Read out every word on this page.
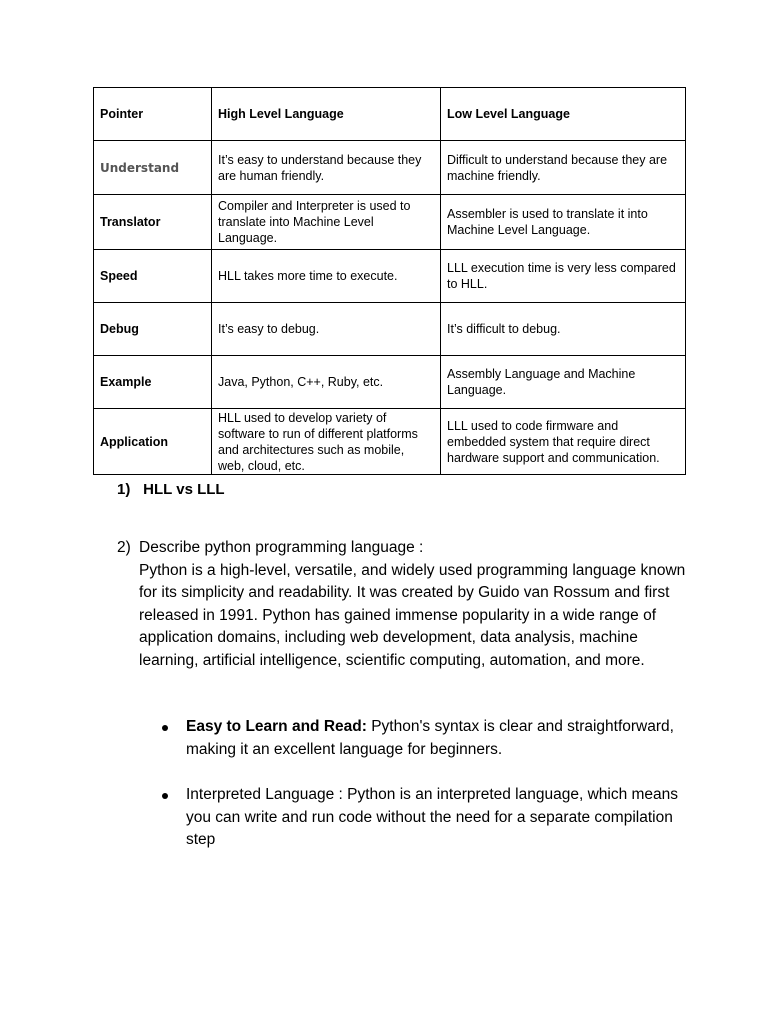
Pointer	High Level Language	Low Level Language
Understand	It’s easy to understand because they are human friendly.	Difficult to understand because they are machine friendly.
Translator	Compiler and Interpreter is used to translate into Machine Level Language.	Assembler is used to translate it into Machine Level Language.
Speed	HLL takes more time to execute.	LLL execution time is very less compared to HLL.
Debug	It’s easy to debug.	It’s difficult to debug.
Example	Java, Python, C++, Ruby, etc.	Assembly Language and Machine Language.
Application	HLL used to develop variety of software to run of different platforms and architectures such as mobile, web, cloud, etc.	LLL used to code firmware and embedded system that require direct hardware support and communication.
1) HLL vs LLL
2) Describe python programming language :
Python is a high-level, versatile, and widely used programming language known for its simplicity and readability. It was created by Guido van Rossum and first released in 1991. Python has gained immense popularity in a wide range of application domains, including web development, data analysis, machine learning, artificial intelligence, scientific computing, automation, and more.
Easy to Learn and Read: Python's syntax is clear and straightforward, making it an excellent language for beginners.
Interpreted Language : Python is an interpreted language, which means you can write and run code without the need for a separate compilation step
